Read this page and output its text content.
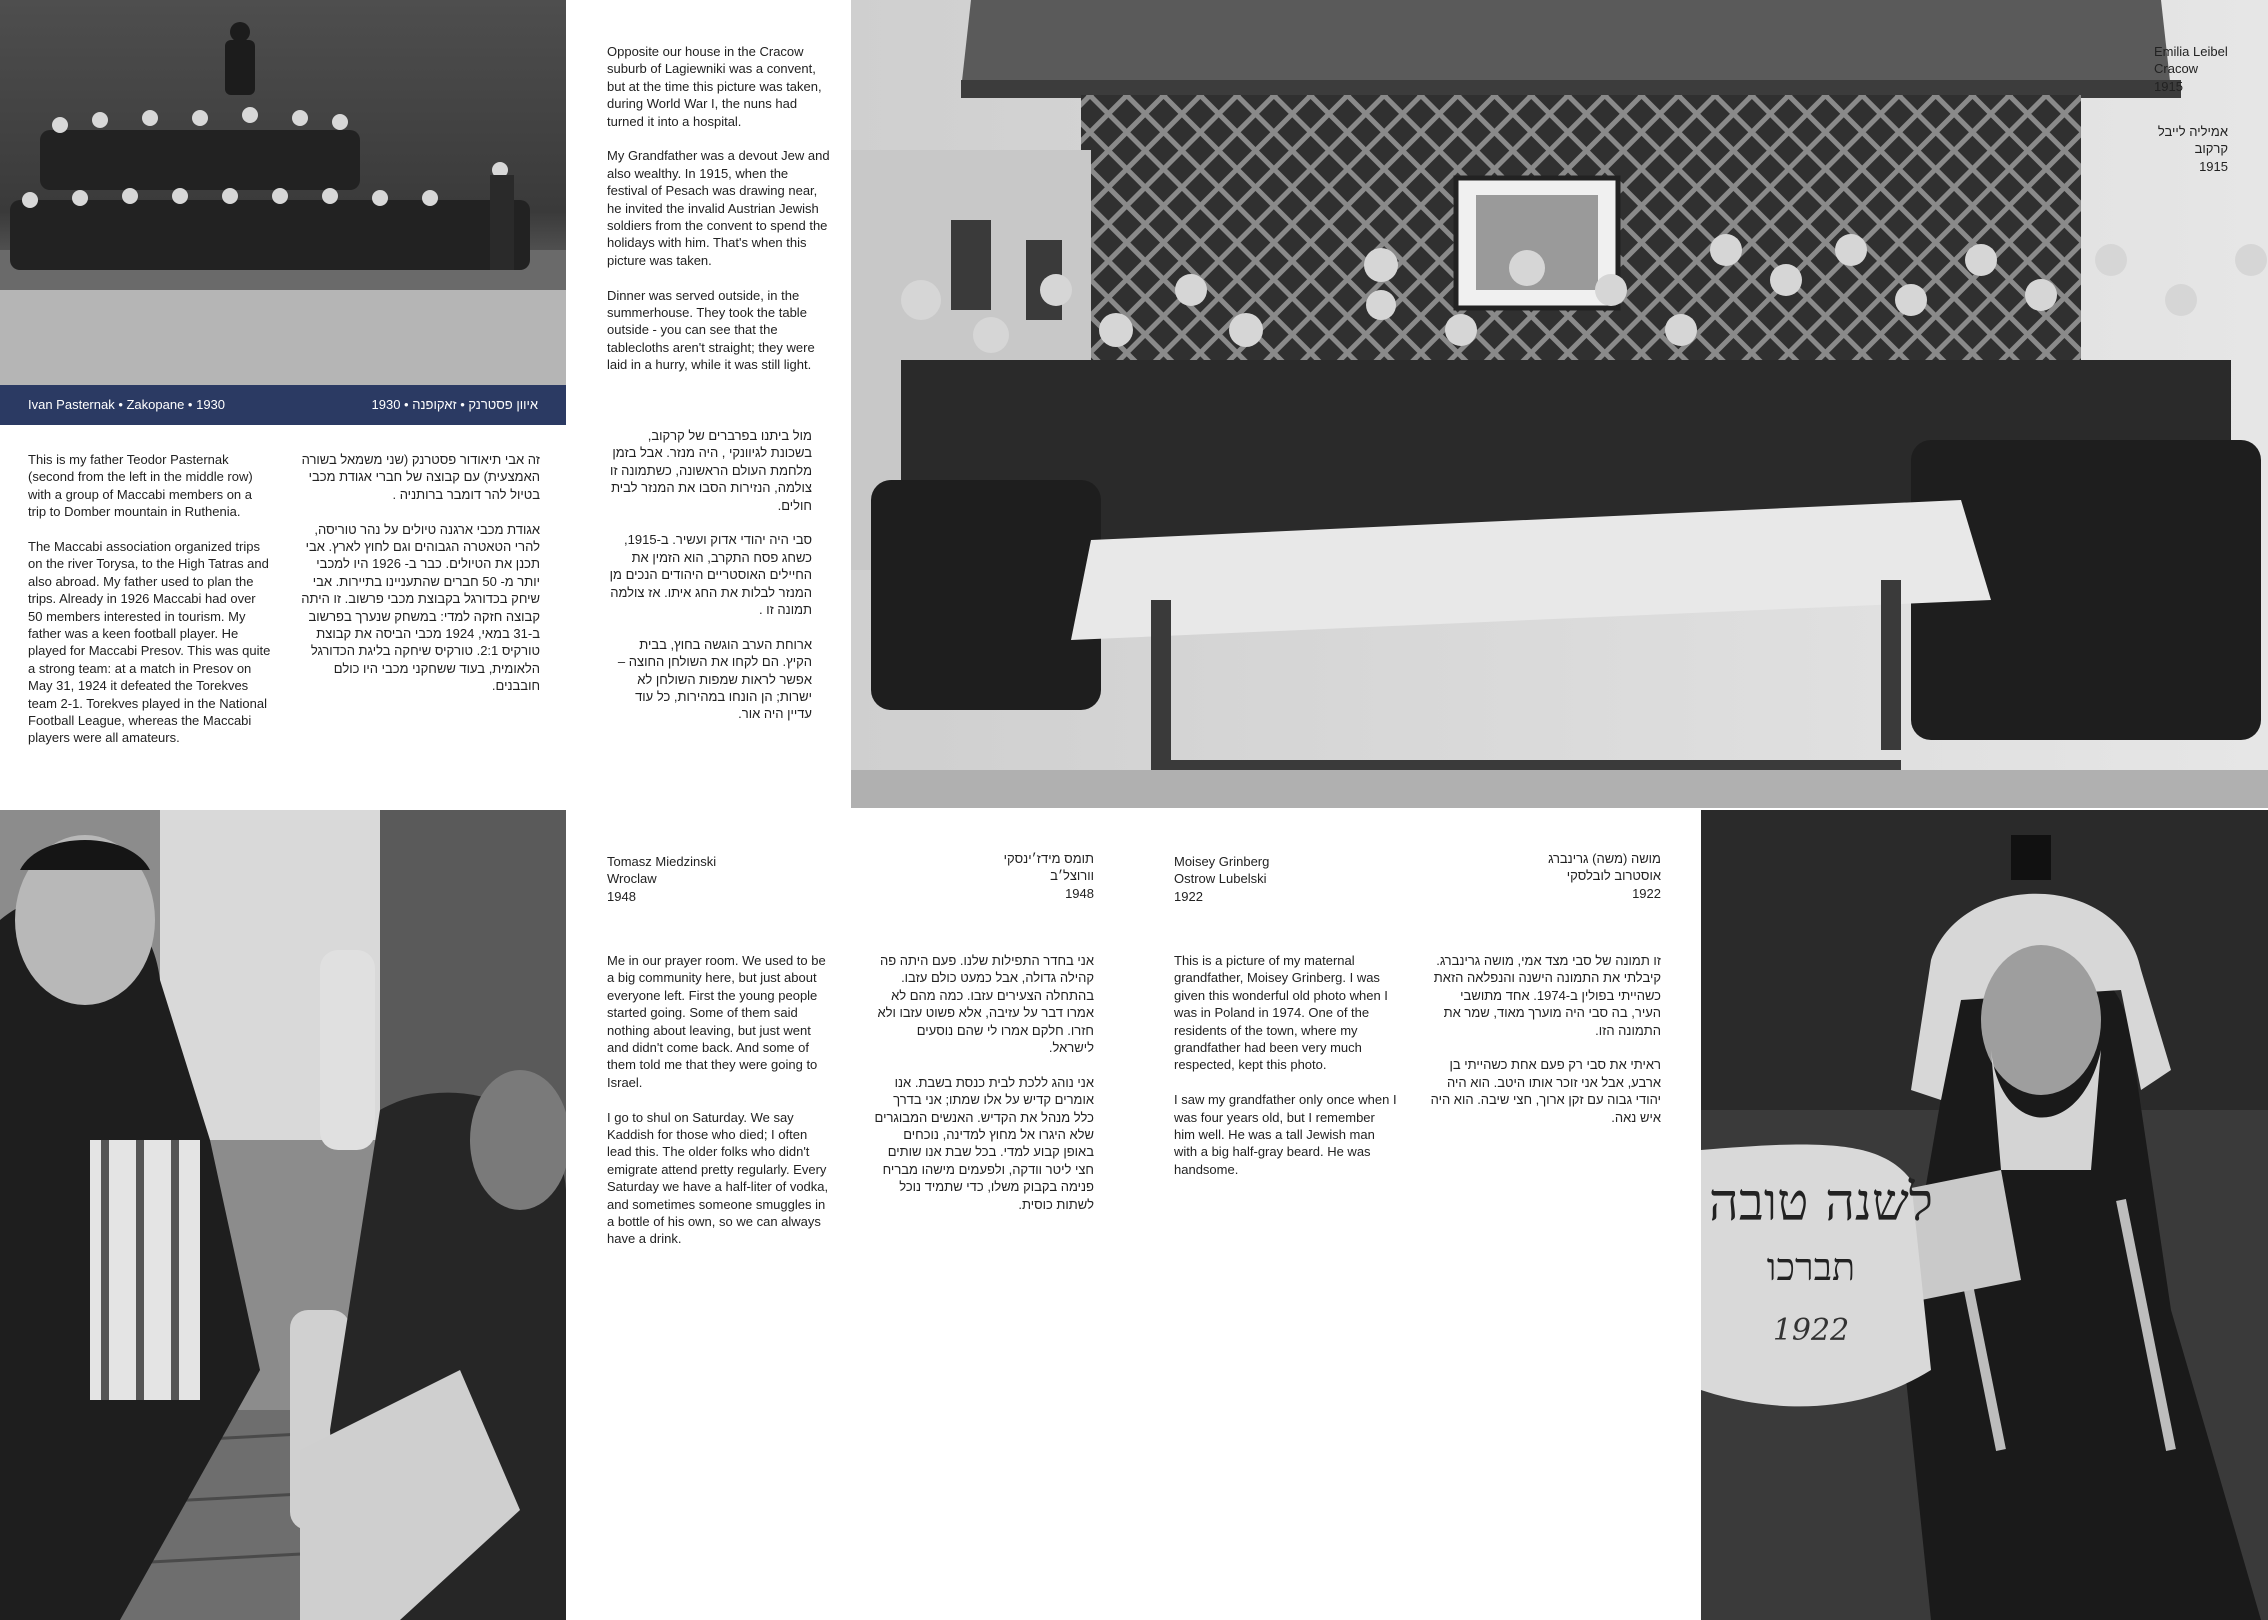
Ivan Pasternak • Zakopane • 1930	איוון פסטרנק • זאקופנה • 1930

This is my father Teodor Pasternak (second from the left in the middle row) with a group of Maccabi members on a trip to Domber mountain in Ruthenia.

The Maccabi association organized trips on the river Torysa, to the High Tatras and also abroad. My father used to plan the trips. Already in 1926 Maccabi had over 50 members interested in tourism. My father was a keen football player. He played for Maccabi Presov. This was quite a strong team: at a match in Presov on May 31, 1924 it defeated the Torekves team 2-1. Torekves played in the National Football League, whereas the Maccabi players were all amateurs.

זה אבי תיאודור פסטרנק (שני משמאל בשורה האמצעית) עם קבוצה של חברי אגודת מכבי בטיול להר דומבר ברותניה .

אגודת מכבי ארגנה טיולים על נהר טוריסה, להרי הטאטרה הגבוהים וגם לחוץ לארץ. אבי תכנן את הטיולים. כבר ב- 1926 היו למכבי יותר מ- 50 חברים שהתעניינו בתיירות. אבי שיחק בכדורגל בקבוצת מכבי פרשוב. זו היתה קבוצה חזקה למדי: במשחק שנערך בפרשוב ב-31 במאי, 1924 מכבי הביסה את קבוצת טורקיס 2:1. טורקיס שיחקה בליגת הכדורגל הלאומית, בעוד ששחקני מכבי היו כולם חובבנים.

Opposite our house in the Cracow suburb of Lagiewniki was a convent, but at the time this picture was taken, during World War I, the nuns had turned it into a hospital.

My Grandfather was a devout Jew and also wealthy. In 1915, when the festival of Pesach was drawing near, he invited the invalid Austrian Jewish soldiers from the convent to spend the holidays with him. That's when this picture was taken.

Dinner was served outside, in the summerhouse. They took the table outside - you can see that the tablecloths aren't straight; they were laid in a hurry, while it was still light.

מול ביתנו בפרברים של קרקוב, בשכונת לגיוונקי , היה מנזר. אבל בזמן מלחמת העולם הראשונה, כשתמונה זו צולמה, הנזירות הסבו את המנזר לבית חולים.

סבי היה יהודי אדוק ועשיר. ב-1915, כשחג פסח התקרב, הוא הזמין את החיילים האוסטריים היהודים הנכים מן המנזר לבלות את החג איתו. אז צולמה תמונה זו .

ארוחת הערב הוגשה בחוץ, בבית הקיץ. הם לקחו את השולחן החוצה – אפשר לראות שמפות השולחן לא ישרות; הן הונחו במהירות, כל עוד עדיין היה אור.

Emilia Leibel
Cracow
1915
אמיליה לייבל
קרקוב
1915
Tomasz Miedzinski
Wroclaw
1948
תומס מידז׳ינסקי
וורוצל׳ב
1948

Me in our prayer room. We used to be a big community here, but just about everyone left. First the young people started going. Some of them said nothing about leaving, but just went and didn't come back. And some of them told me that they were going to Israel.

I go to shul on Saturday. We say Kaddish for those who died; I often lead this. The older folks who didn't emigrate attend pretty regularly. Every Saturday we have a half-liter of vodka, and sometimes someone smuggles in a bottle of his own, so we can always have a drink.

אני בחדר התפילות שלנו. פעם היתה פה קהילה גדולה, אבל כמעט כולם עזבו. בהתחלה הצעירים עזבו. כמה מהם לא אמרו דבר על עזיבה, אלא פשוט עזבו ולא חזרו. חלקם אמרו לי שהם נוסעים לישראל.

אני נוהג ללכת לבית כנסת בשבת. אנו אומרים קדיש על אלו שמתו; אני בדרך כלל מנהל את הקדיש. האנשים המבוגרים שלא היגרו אל מחוץ למדינה, נוכחים באופן קבוע למדי. בכל שבת אנו שותים חצי ליטר וודקה, ולפעמים מישהו מבריח פנימה בקבוק משלו, כדי שתמיד נוכל לשתות כוסית.

Moisey Grinberg
Ostrow Lubelski
1922
מושה (משה) גרינברג
אוסטרוב לובלסקי
1922

This is a picture of my maternal grandfather, Moisey Grinberg. I was given this wonderful old photo when I was in Poland in 1974. One of the residents of the town, where my grandfather had been very much respected, kept this photo.

I saw my grandfather only once when I was four years old, but I remember him well. He was a tall Jewish man with a big half-gray beard. He was handsome.

זו תמונה של סבי מצד אמי, מושה גרינברג. קיבלתי את התמונה הישנה והנפלאה הזאת כשהייתי בפולין ב-1974. אחד מתושבי העיר, בה סבי היה מוערך מאוד, שמר את התמונה הזו.

ראיתי את סבי רק פעם אחת כשהייתי בן ארבע, אבל אני זוכר אותו היטב. הוא היה יהודי גבוה עם זקן ארוך, חצי שיבה. הוא היה איש נאה.

לשנה טובה
תברכו
1922
